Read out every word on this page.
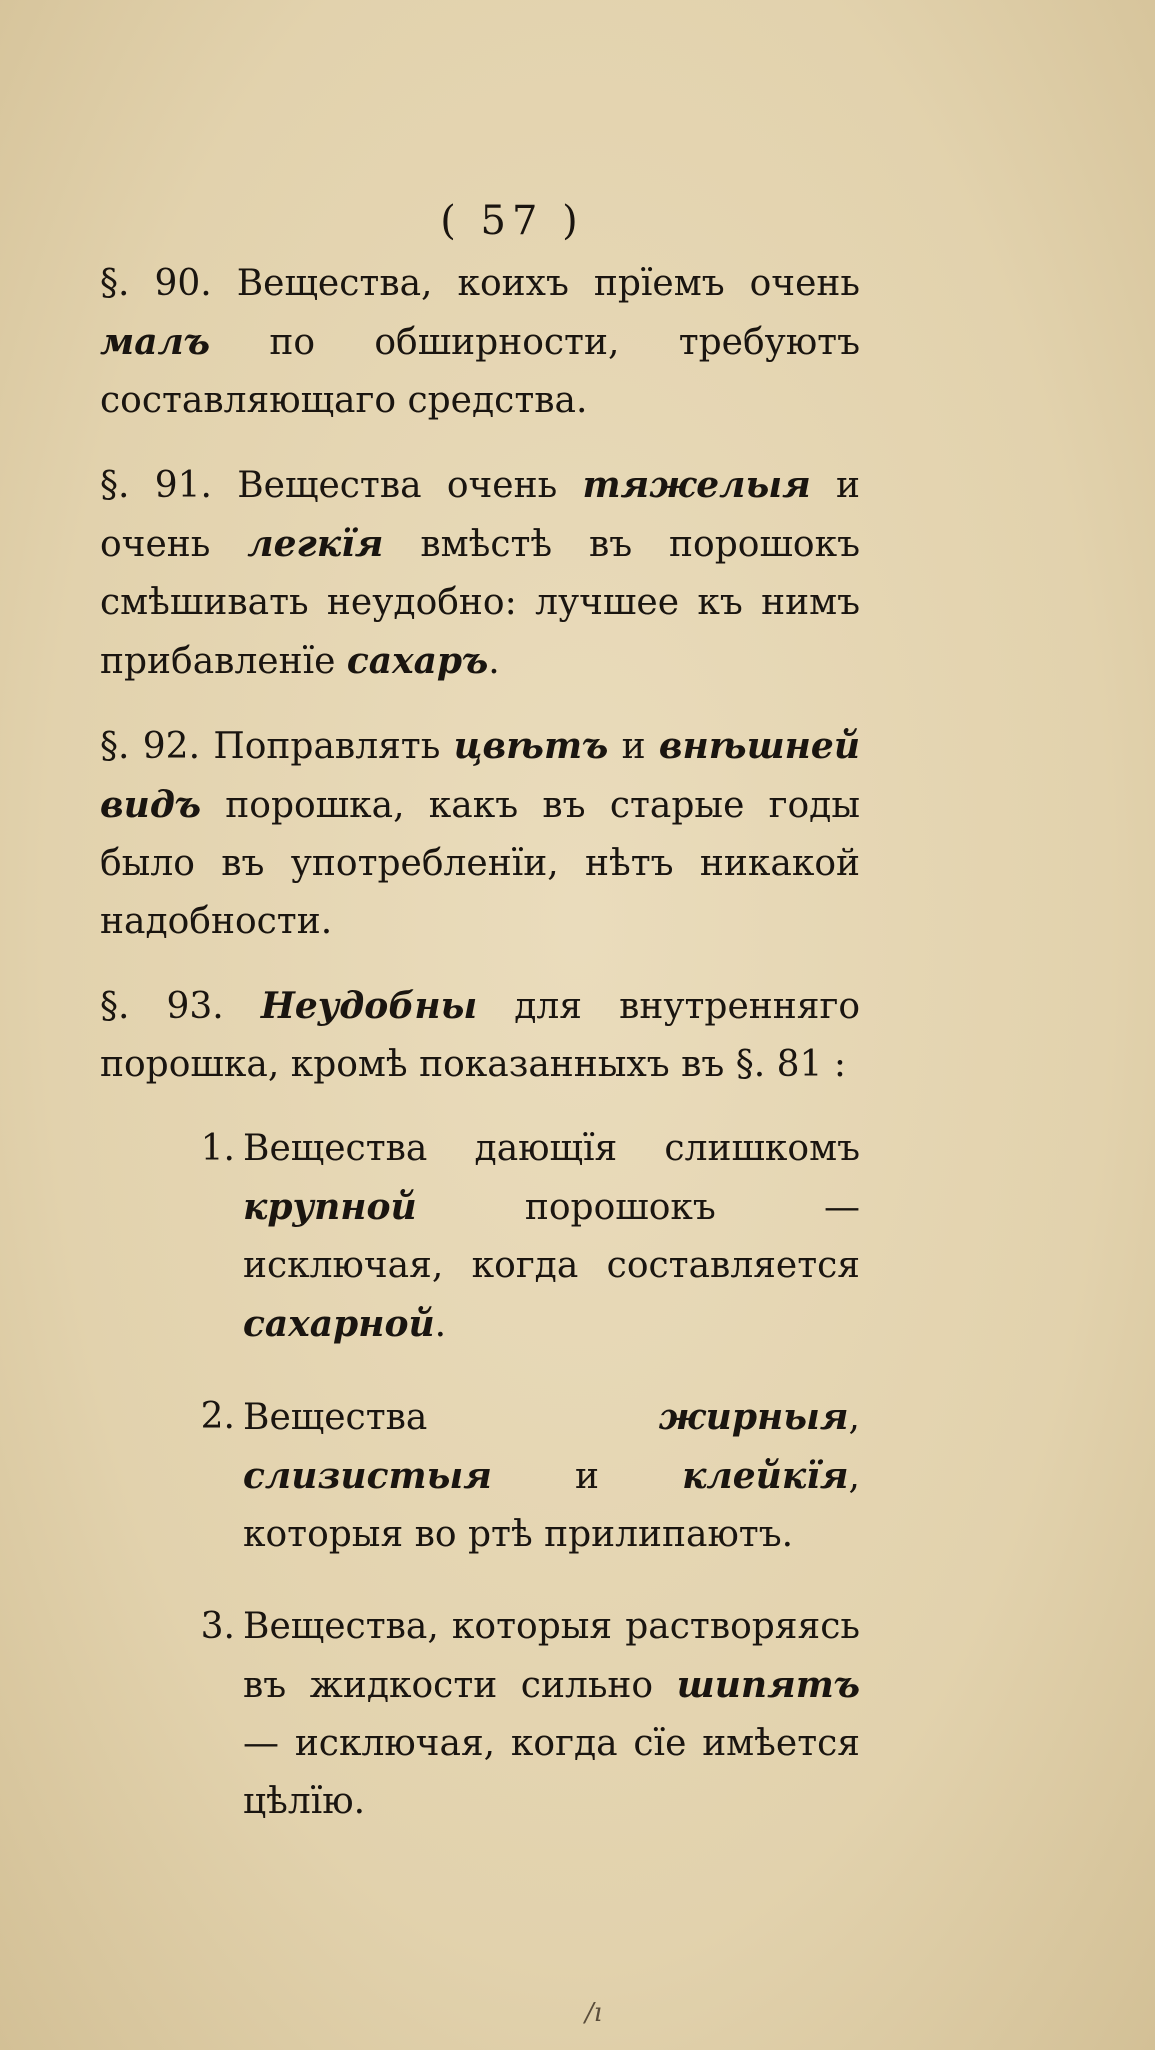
( 57 )

§. 90. Вещества, коихъ прїемъ очень малъ по обширности, требуютъ составляющаго средства.

§. 91. Вещества очень тяжелыя и очень легкїя вмѣстѣ въ порошокъ смѣшивать неудобно: лучшее къ нимъ прибавленїе сахаръ.

§. 92. Поправлять цвѣтъ и внѣшней видъ порошка, какъ въ старые годы было въ употребленїи, нѣтъ никакой надобности.

§. 93. Неудобны для внутренняго порошка, кромѣ показанныхъ въ §. 81 :

1. Вещества дающїя слишкомъ крупной порошокъ — исключая, когда составляется сахарной.
2. Вещества жирныя, слизистыя и клейкїя, которыя во ртѣ прилипаютъ.
3. Вещества, которыя растворяясь въ жидкости сильно шипятъ — исключая, когда сїе имѣется цѣлїю.
/ı
